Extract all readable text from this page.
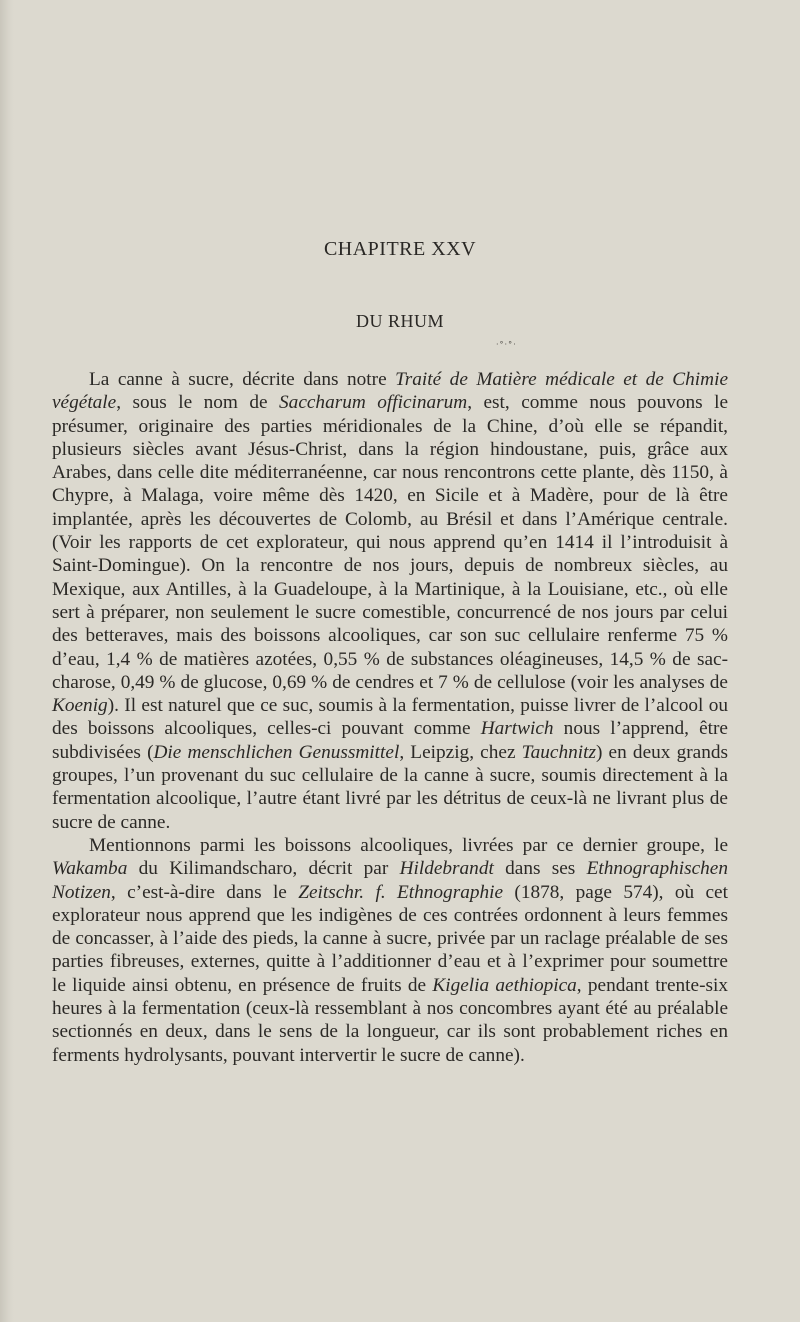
CHAPITRE XXV
DU RHUM
·°·°·

La canne à sucre, décrite dans notre Traité de Matière médicale et de Chimie végétale, sous le nom de Saccharum officinarum, est, comme nous pouvons le présumer, originaire des parties méridionales de la Chine, d’où elle se répandit, plusieurs siècles avant Jésus-Christ, dans la région hindoustane, puis, grâce aux Arabes, dans celle dite méditerranéenne, car nous rencontrons cette plante, dès 1150, à Chypre, à Malaga, voire même dès 1420, en Sicile et à Madère, pour de là être implantée, après les découvertes de Colomb, au Brésil et dans l’Amérique centrale. (Voir les rapports de cet explorateur, qui nous apprend qu’en 1414 il l’introduisit à Saint-Domingue). On la rencontre de nos jours, depuis de nombreux siècles, au Mexique, aux Antilles, à la Guadeloupe, à la Martinique, à la Louisiane, etc., où elle sert à préparer, non seulement le sucre comestible, concurrencé de nos jours par celui des betteraves, mais des boissons alcooliques, car son suc cellulaire renferme 75 % d’eau, 1,4 % de matières azotées, 0,55 % de substances oléagineuses, 14,5 % de saccharose, 0,49 % de glucose, 0,69 % de cendres et 7 % de cellulose (voir les analyses de Koenig). Il est naturel que ce suc, soumis à la fermentation, puisse livrer de l’alcool ou des boissons alcooliques, celles-ci pouvant comme Hartwich nous l’apprend, être subdivisées (Die menschlichen Genussmittel, Leipzig, chez Tauchnitz) en deux grands groupes, l’un provenant du suc cellulaire de la canne à sucre, soumis directement à la fermentation alcoolique, l’autre étant livré par les détritus de ceux-là ne livrant plus de sucre de canne.

Mentionnons parmi les boissons alcooliques, livrées par ce dernier groupe, le Wakamba du Kilimandscharo, décrit par Hildebrandt dans ses Ethnographischen Notizen, c’est-à-dire dans le Zeitschr. f. Ethnographie (1878, page 574), où cet explorateur nous apprend que les indigènes de ces contrées ordonnent à leurs femmes de concasser, à l’aide des pieds, la canne à sucre, privée par un raclage préalable de ses parties fibreuses, externes, quitte à l’additionner d’eau et à l’exprimer pour soumettre le liquide ainsi obtenu, en présence de fruits de Kigelia aethiopica, pendant trente-six heures à la fermentation (ceux-là ressemblant à nos concombres ayant été au préalable sectionnés en deux, dans le sens de la longueur, car ils sont probablement riches en ferments hydrolysants, pouvant intervertir le sucre de canne).
